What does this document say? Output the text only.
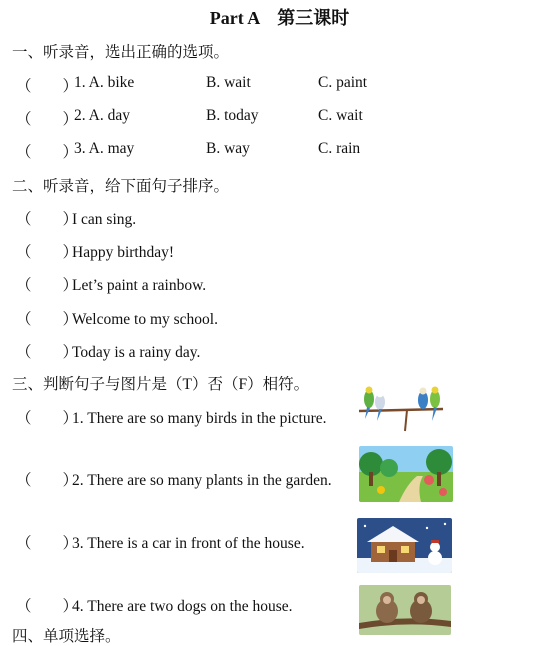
Part A　第三课时
一、听录音，选出正确的选项。
（　　）
1. A. bike	B. wait	C. paint
（　　）
2. A. day	B. today	C. wait
（　　）
3. A. may	B. way	C. rain
二、听录音，给下面句子排序。
（　　）I can sing.
（　　）Happy birthday!
（　　）Let’s paint a rainbow.
（　　）Welcome to my school.
（　　）Today is a rainy day.
三、判断句子与图片是（T）否（F）相符。
（　　）1. There are so many birds in the picture.
（　　）2. There are so many plants in the garden.
（　　）3. There is a car in front of the house.
（　　）4. There are two dogs on the house.
四、单项选择。
